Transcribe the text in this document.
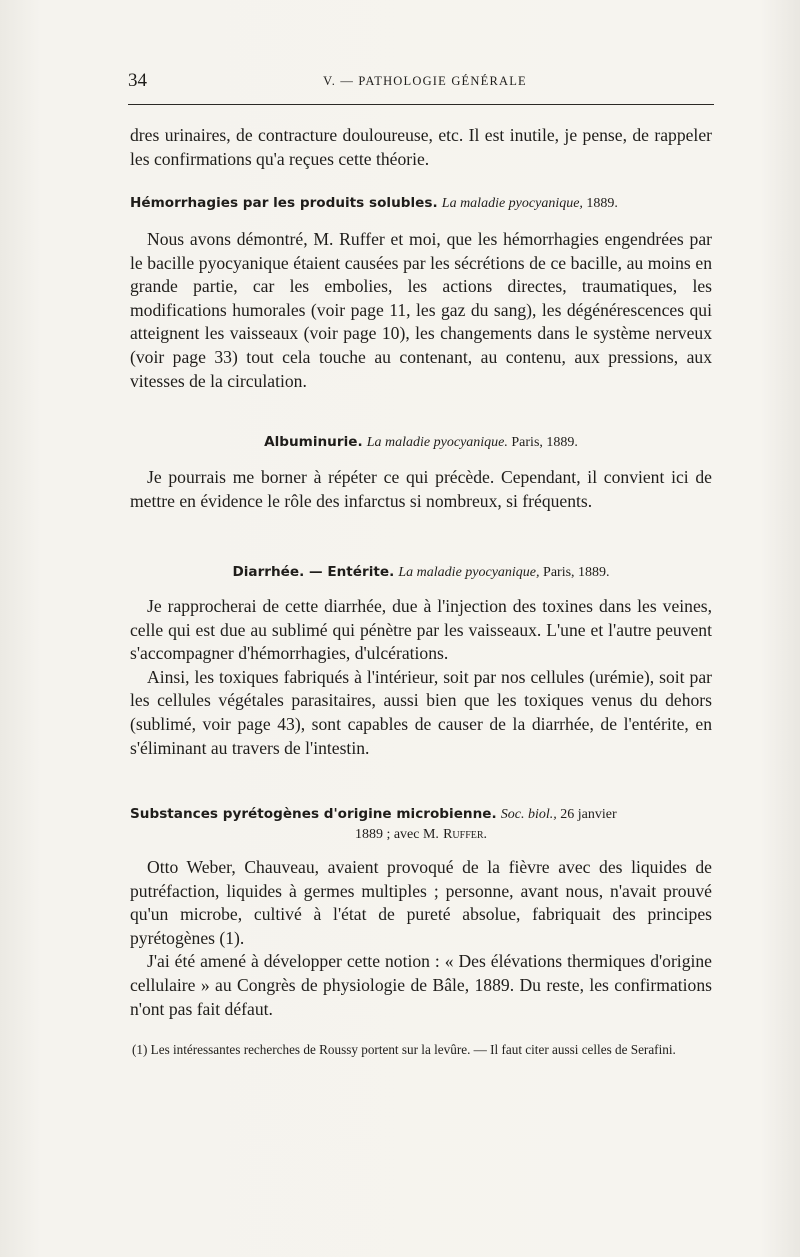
34	V. — PATHOLOGIE GÉNÉRALE

dres urinaires, de contracture douloureuse, etc. Il est inutile, je pense, de rappeler les confirmations qu'a reçues cette théorie.

Hémorrhagies par les produits solubles. La maladie pyocyanique, 1889.

Nous avons démontré, M. Ruffer et moi, que les hémorrhagies engendrées par le bacille pyocyanique étaient causées par les sécrétions de ce bacille, au moins en grande partie, car les embolies, les actions directes, traumatiques, les modifications humorales (voir page 11, les gaz du sang), les dégénérescences qui atteignent les vaisseaux (voir page 10), les changements dans le système nerveux (voir page 33) tout cela touche au contenant, au contenu, aux pressions, aux vitesses de la circulation.

Albuminurie. La maladie pyocyanique. Paris, 1889.

Je pourrais me borner à répéter ce qui précède. Cependant, il convient ici de mettre en évidence le rôle des infarctus si nombreux, si fréquents.

Diarrhée. — Entérite. La maladie pyocyanique, Paris, 1889.

Je rapprocherai de cette diarrhée, due à l'injection des toxines dans les veines, celle qui est due au sublimé qui pénètre par les vaisseaux. L'une et l'autre peuvent s'accompagner d'hémorrhagies, d'ulcérations.

Ainsi, les toxiques fabriqués à l'intérieur, soit par nos cellules (urémie), soit par les cellules végétales parasitaires, aussi bien que les toxiques venus du dehors (sublimé, voir page 43), sont capables de causer de la diarrhée, de l'entérite, en s'éliminant au travers de l'intestin.

Substances pyrétogènes d'origine microbienne. Soc. biol., 26 janvier
1889 ; avec M. Ruffer.

Otto Weber, Chauveau, avaient provoqué de la fièvre avec des liquides de putréfaction, liquides à germes multiples ; personne, avant nous, n'avait prouvé qu'un microbe, cultivé à l'état de pureté absolue, fabriquait des principes pyrétogènes (1).

J'ai été amené à développer cette notion : « Des élévations thermiques d'origine cellulaire » au Congrès de physiologie de Bâle, 1889. Du reste, les confirmations n'ont pas fait défaut.

(1) Les intéressantes recherches de Roussy portent sur la levûre. — Il faut citer aussi celles de Serafini.
